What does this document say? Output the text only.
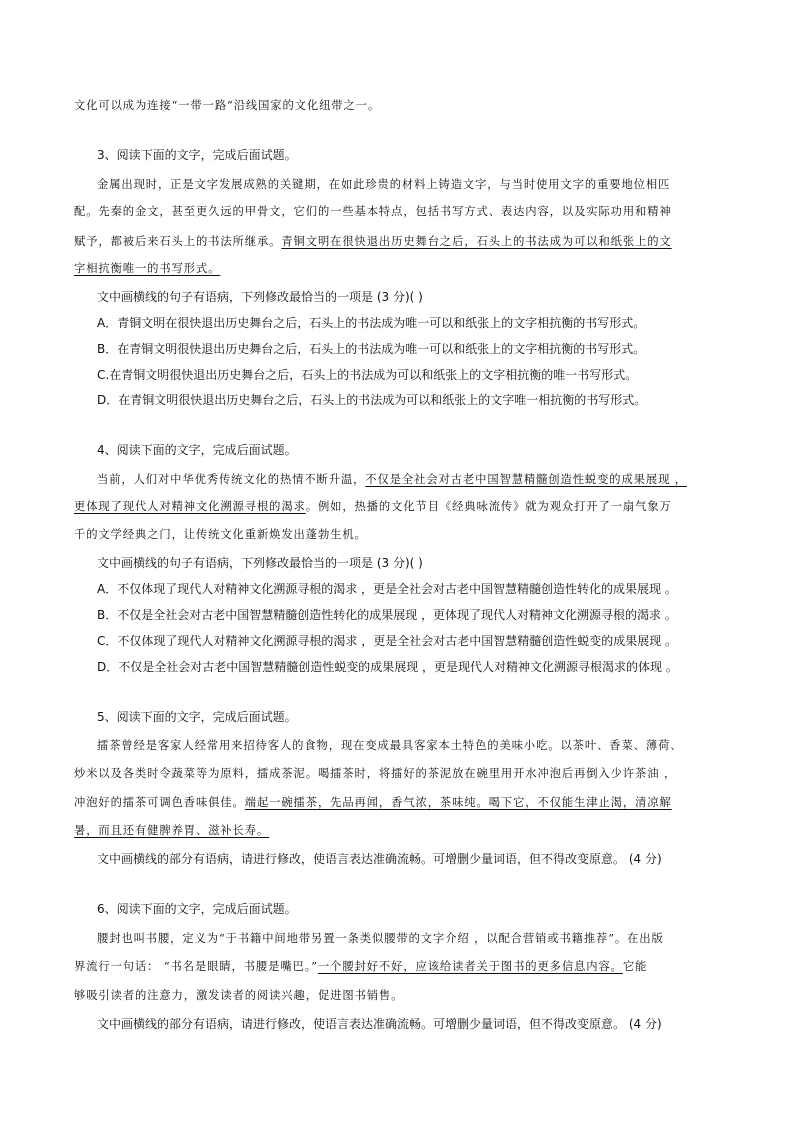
文化可以成为连接“一带一路”沿线国家的文化纽带之一。
3、阅读下面的文字，完成后面试题。
金属出现时，正是文字发展成熟的关键期，在如此珍贵的材料上铸造文字，与当时使用文字的重要地位相匹
配。先秦的金文，甚至更久远的甲骨文，它们的一些基本特点，包括书写方式、表达内容，以及实际功用和精神
赋予，都被后来石头上的书法所继承。青铜文明在很快退出历史舞台之后，石头上的书法成为可以和纸张上的文
字相抗衡唯一的书写形式。
文中画横线的句子有语病，下列修改最恰当的一项是 (3 分)( )
A．青铜文明在很快退出历史舞台之后，石头上的书法成为唯一可以和纸张上的文字相抗衡的书写形式。
B．在青铜文明很快退出历史舞台之后，石头上的书法成为唯一可以和纸张上的文字相抗衡的书写形式。
C.在青铜文明很快退出历史舞台之后，石头上的书法成为可以和纸张上的文字相抗衡的唯一书写形式。
D．在青铜文明很快退出历史舞台之后，石头上的书法成为可以和纸张上的文字唯一相抗衡的书写形式。
4、阅读下面的文字，完成后面试题。
当前，人们对中华优秀传统文化的热情不断升温，不仅是全社会对古老中国智慧精髓创造性蜕变的成果展现 ，
更体现了现代人对精神文化溯源寻根的渴求。例如，热播的文化节目《经典咏流传》就为观众打开了一扇气象万
千的文学经典之门，让传统文化重新焕发出蓬勃生机。
文中画横线的句子有语病，下列修改最恰当的一项是 (3 分)( )
A．不仅体现了现代人对精神文化溯源寻根的渴求 ，更是全社会对古老中国智慧精髓创造性转化的成果展现 。
B．不仅是全社会对古老中国智慧精髓创造性转化的成果展现 ，更体现了现代人对精神文化溯源寻根的渴求 。
C．不仅体现了现代人对精神文化溯源寻根的渴求 ，更是全社会对古老中国智慧精髓创造性蜕变的成果展现 。
D．不仅是全社会对古老中国智慧精髓创造性蜕变的成果展现 ，更是现代人对精神文化溯源寻根渴求的体现 。
5、阅读下面的文字，完成后面试题。
擂茶曾经是客家人经常用来招待客人的食物，现在变成最具客家本土特色的美味小吃。以茶叶、香菜、薄荷、
炒米以及各类时令蔬菜等为原料，擂成茶泥。喝擂茶时，将擂好的茶泥放在碗里用开水冲泡后再倒入少许茶油 ，
冲泡好的擂茶可调色香味俱佳。端起一碗擂茶，先品再闻，香气浓，茶味纯。喝下它，不仅能生津止渴，清凉解
暑，而且还有健脾养胃、滋补长寿。
文中画横线的部分有语病，请进行修改，使语言表达准确流畅。可增删少量词语，但不得改变原意。 (4 分)
6、阅读下面的文字，完成后面试题。
腰封也叫书腰，定义为“于书籍中间地带另置一条类似腰带的文字介绍 ，以配合营销或书籍推荐”。在出版
界流行一句话： “书名是眼睛，书腰是嘴巴。”一个腰封好不好，应该给读者关于图书的更多信息内容。它能
够吸引读者的注意力，激发读者的阅读兴趣，促进图书销售。
文中画横线的部分有语病，请进行修改，使语言表达准确流畅。可增删少量词语，但不得改变原意。 (4 分)
